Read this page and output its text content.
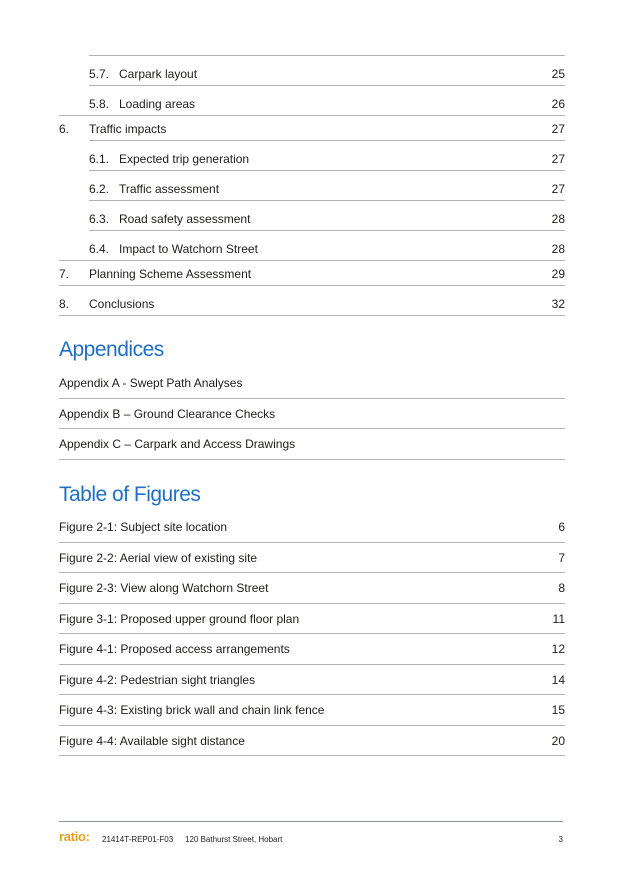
5.7. Carpark layout	25
5.8. Loading areas	26
6. Traffic impacts	27
6.1. Expected trip generation	27
6.2. Traffic assessment	27
6.3. Road safety assessment	28
6.4. Impact to Watchorn Street	28
7. Planning Scheme Assessment	29
8. Conclusions	32
Appendices
Appendix A - Swept Path Analyses
Appendix B – Ground Clearance Checks
Appendix C – Carpark and Access Drawings
Table of Figures
Figure 2-1: Subject site location	6
Figure 2-2: Aerial view of existing site	7
Figure 2-3: View along Watchorn Street	8
Figure 3-1: Proposed upper ground floor plan	11
Figure 4-1: Proposed access arrangements	12
Figure 4-2: Pedestrian sight triangles	14
Figure 4-3: Existing brick wall and chain link fence	15
Figure 4-4: Available sight distance	20
ratio: 21414T-REP01-F03 120 Bathurst Street, Hobart	3
